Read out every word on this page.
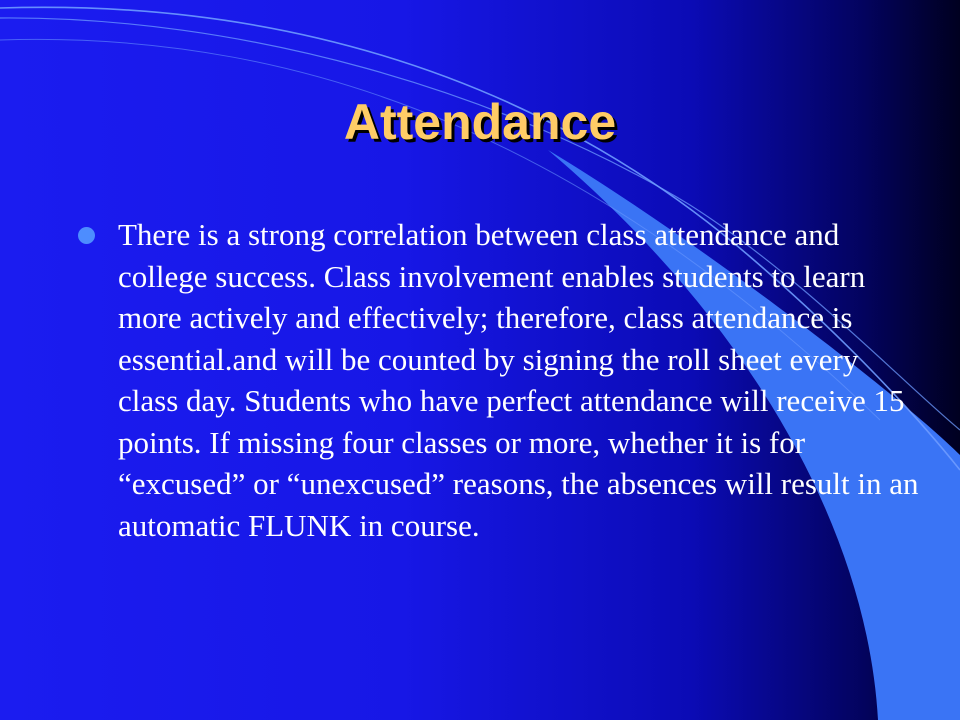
Attendance
There is a strong correlation between class attendance and college success. Class involvement enables students to learn more actively and effectively; therefore, class attendance is essential.and will be counted by signing the roll sheet every class day. Students who have perfect attendance will receive 15 points. If missing four classes or more, whether it is for “excused” or “unexcused” reasons, the absences will result in an automatic FLUNK in course.
